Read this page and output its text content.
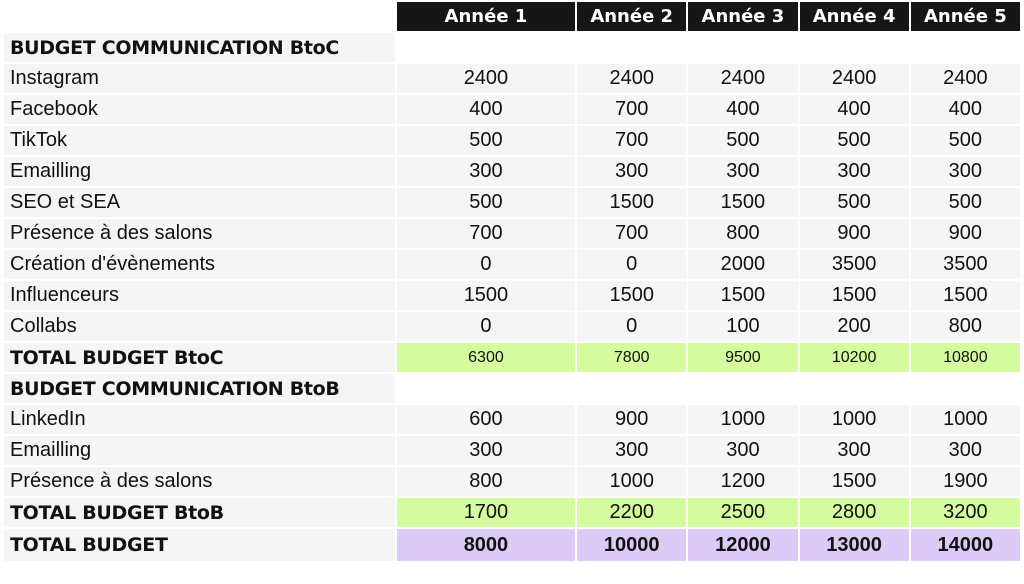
	Année 1	Année 2	Année 3	Année 4	Année 5
BUDGET COMMUNICATION BtoC					
Instagram	2400	2400	2400	2400	2400
Facebook	400	700	400	400	400
TikTok	500	700	500	500	500
Emailling	300	300	300	300	300
SEO et SEA	500	1500	1500	500	500
Présence à des salons	700	700	800	900	900
Création d'évènements	0	0	2000	3500	3500
Influenceurs	1500	1500	1500	1500	1500
Collabs	0	0	100	200	800
TOTAL BUDGET BtoC	6300	7800	9500	10200	10800
BUDGET COMMUNICATION BtoB					
LinkedIn	600	900	1000	1000	1000
Emailling	300	300	300	300	300
Présence à des salons	800	1000	1200	1500	1900
TOTAL BUDGET BtoB	1700	2200	2500	2800	3200
TOTAL BUDGET	8000	10000	12000	13000	14000
